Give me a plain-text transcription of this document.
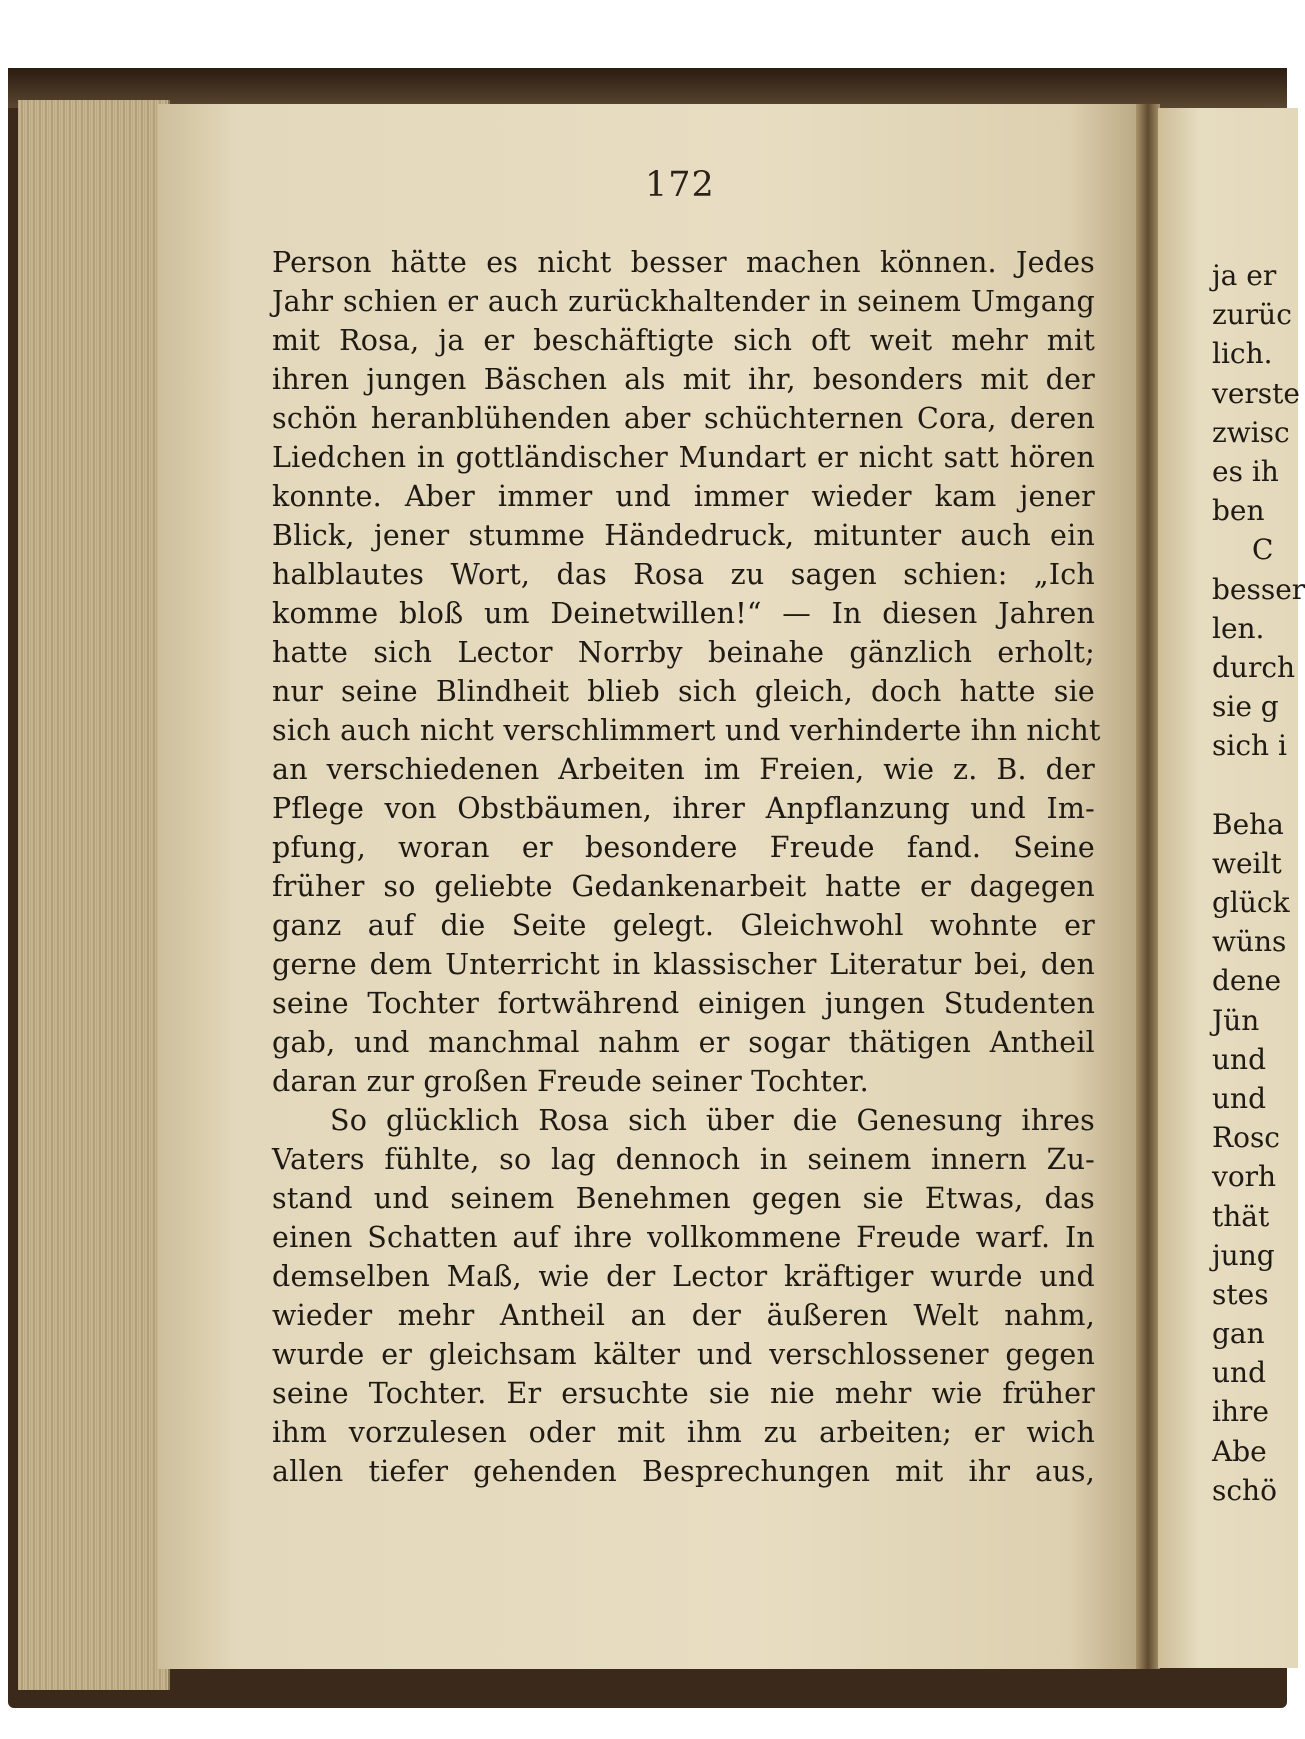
172
Person hätte es nicht besser machen können. Jedes
Jahr schien er auch zurückhaltender in seinem Umgang
mit Rosa, ja er beschäftigte sich oft weit mehr mit
ihren jungen Bäschen als mit ihr, besonders mit der
schön heranblühenden aber schüchternen Cora, deren
Liedchen in gottländischer Mundart er nicht satt hören
konnte. Aber immer und immer wieder kam jener
Blick, jener stumme Händedruck, mitunter auch ein
halblautes Wort, das Rosa zu sagen schien: „Ich
komme bloß um Deinetwillen!“ — In diesen Jahren
hatte sich Lector Norrby beinahe gänzlich erholt;
nur seine Blindheit blieb sich gleich, doch hatte sie
sich auch nicht verschlimmert und verhinderte ihn nicht
an verschiedenen Arbeiten im Freien, wie z. B. der
Pflege von Obstbäumen, ihrer Anpflanzung und Im-
pfung, woran er besondere Freude fand. Seine
früher so geliebte Gedankenarbeit hatte er dagegen
ganz auf die Seite gelegt. Gleichwohl wohnte er
gerne dem Unterricht in klassischer Literatur bei, den
seine Tochter fortwährend einigen jungen Studenten
gab, und manchmal nahm er sogar thätigen Antheil
daran zur großen Freude seiner Tochter.
So glücklich Rosa sich über die Genesung ihres
Vaters fühlte, so lag dennoch in seinem innern Zu-
stand und seinem Benehmen gegen sie Etwas, das
einen Schatten auf ihre vollkommene Freude warf. In
demselben Maß, wie der Lector kräftiger wurde und
wieder mehr Antheil an der äußeren Welt nahm,
wurde er gleichsam kälter und verschlossener gegen
seine Tochter. Er ersuchte sie nie mehr wie früher
ihm vorzulesen oder mit ihm zu arbeiten; er wich
allen tiefer gehenden Besprechungen mit ihr aus,
ja er
zurüc
lich.
verste
zwisc
es ih
ben
C
besser
len.
durch
sie g
sich i
Beha
weilt
glück
wüns
dene
Jün
und
und
Rosc
vorh
thät
jung
stes
gan
und
ihre
Abe
schö
